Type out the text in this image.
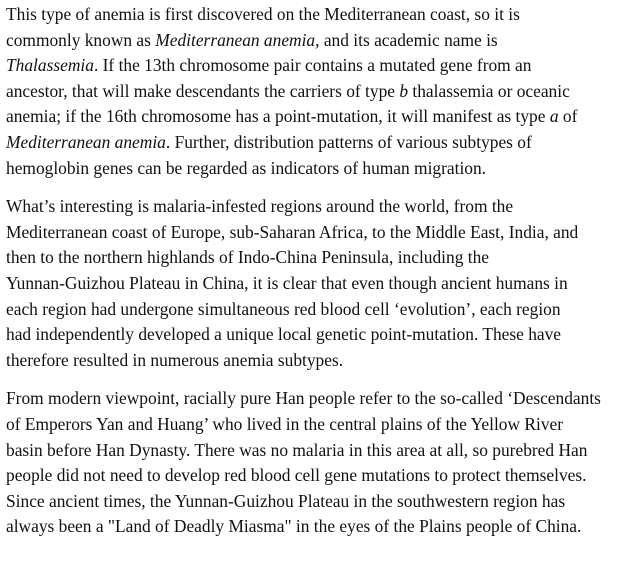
This type of anemia is first discovered on the Mediterranean coast, so it is
commonly known as Mediterranean anemia, and its academic name is
Thalassemia. If the 13th chromosome pair contains a mutated gene from an
ancestor, that will make descendants the carriers of type b thalassemia or oceanic
anemia; if the 16th chromosome has a point-mutation, it will manifest as type a of
Mediterranean anemia. Further, distribution patterns of various subtypes of
hemoglobin genes can be regarded as indicators of human migration.

What’s interesting is malaria-infested regions around the world, from the
Mediterranean coast of Europe, sub-Saharan Africa, to the Middle East, India, and
then to the northern highlands of Indo-China Peninsula, including the
Yunnan-Guizhou Plateau in China, it is clear that even though ancient humans in
each region had undergone simultaneous red blood cell ‘evolution’, each region
had independently developed a unique local genetic point-mutation. These have
therefore resulted in numerous anemia subtypes.

From modern viewpoint, racially pure Han people refer to the so-called ‘Descendants
of Emperors Yan and Huang’ who lived in the central plains of the Yellow River
basin before Han Dynasty. There was no malaria in this area at all, so purebred Han
people did not need to develop red blood cell gene mutations to protect themselves.
Since ancient times, the Yunnan-Guizhou Plateau in the southwestern region has
always been a "Land of Deadly Miasma" in the eyes of the Plains people of China.
